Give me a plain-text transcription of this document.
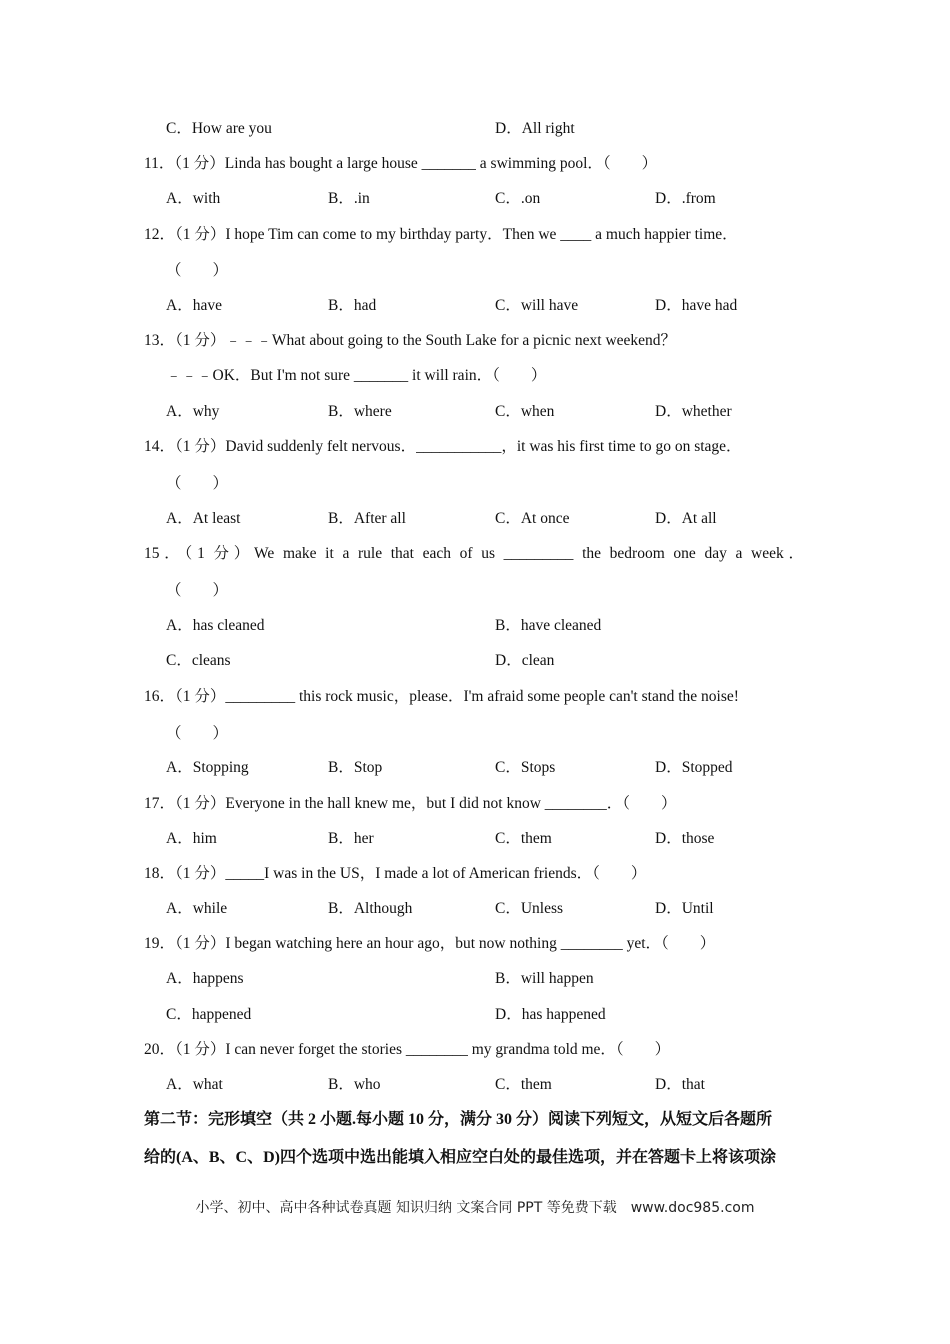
C．How are you	D．All right
11．（1 分）Linda has bought a large house _______ a swimming pool．（　　）
A．with	B．.in	C．.on	D．.from
12．（1 分）I hope Tim can come to my birthday party．Then we ____ a much happier time．
（　　）
A．have	B．had	C．will have	D．have had
13．（1 分）﹣﹣﹣What about going to the South Lake for a picnic next weekend？
﹣﹣﹣OK．But I'm not sure _______ it will rain．（　　）
A．why	B．where	C．when	D．whether
14．（1 分）David suddenly felt nervous．___________，it was his first time to go on stage．
（　　）
A．At least	B．After all	C．At once	D．At all
15．（1 分）We make it a rule that each of us _________ the bedroom one day a week．
（　　）
A．has cleaned	B．have cleaned
C．cleans	D．clean
16．（1 分）_________ this rock music，please．I'm afraid some people can't stand the noise!
（　　）
A．Stopping	B．Stop	C．Stops	D．Stopped
17．（1 分）Everyone in the hall knew me，but I did not know ________．（　　）
A．him	B．her	C．them	D．those
18．（1 分）_____I was in the US，I made a lot of American friends．（　　）
A．while	B．Although	C．Unless	D．Until
19．（1 分）I began watching here an hour ago，but now nothing ________ yet．（　　）
A．happens	B．will happen
C．happened	D．has happened
20．（1 分）I can never forget the stories ________ my grandma told me．（　　）
A．what	B．who	C．them	D．that
第二节：完形填空（共 2 小题.每小题 10 分，满分 30 分）阅读下列短文，从短文后各题所
给的(A、B、C、D)四个选项中选出能填入相应空白处的最佳选项，并在答题卡上将该项涂
小学、初中、高中各种试卷真题 知识归纳 文案合同 PPT 等免费下载　www.doc985.com
